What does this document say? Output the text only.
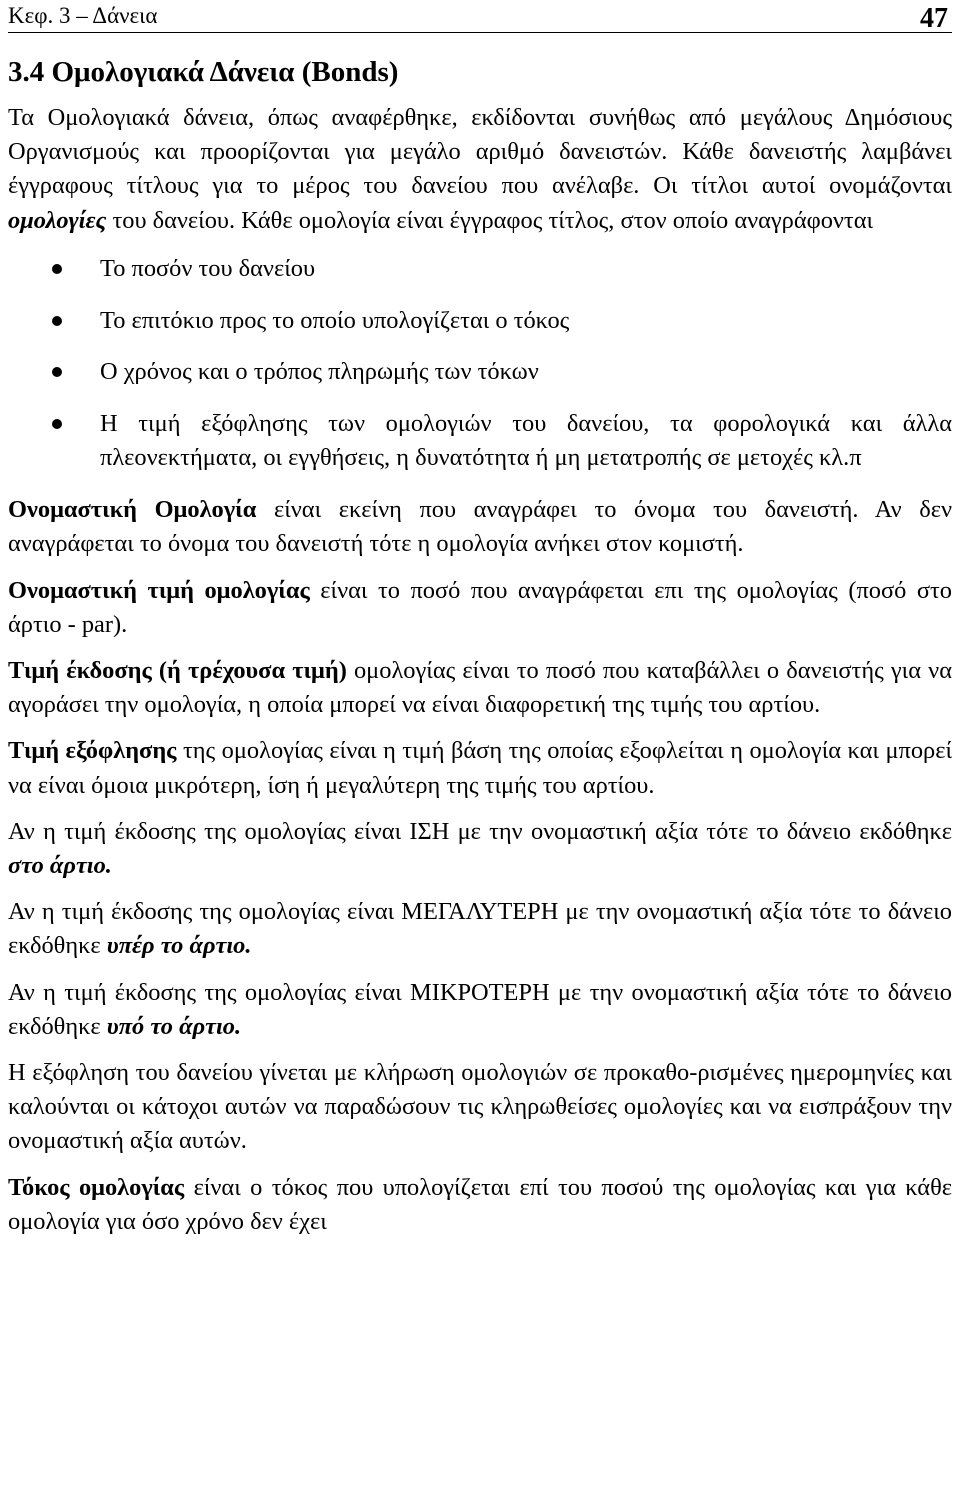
Κεφ. 3 – Δάνεια	47
3.4 Ομολογιακά Δάνεια (Bonds)

Τα Ομολογιακά δάνεια, όπως αναφέρθηκε, εκδίδονται συνήθως από μεγάλους Δημόσιους Οργανισμούς και προορίζονται για μεγάλο αριθμό δανειστών. Κάθε δανειστής λαμβάνει έγγραφους τίτλους για το μέρος του δανείου που ανέλαβε. Οι τίτλοι αυτοί ονομάζονται ομολογίες του δανείου. Κάθε ομολογία είναι έγγραφος τίτλος, στον οποίο αναγράφονται

Το ποσόν του δανείου
Το επιτόκιο προς το οποίο υπολογίζεται ο τόκος
Ο χρόνος και ο τρόπος πληρωμής των τόκων
Η τιμή εξόφλησης των ομολογιών του δανείου, τα φορολογικά και άλλα πλεονεκτήματα, οι εγγθήσεις, η δυνατότητα ή μη μετατροπής σε μετοχές κλ.π

Ονομαστική Ομολογία είναι εκείνη που αναγράφει το όνομα του δανειστή. Αν δεν αναγράφεται το όνομα του δανειστή τότε η ομολογία ανήκει στον κομιστή.

Ονομαστική τιμή ομολογίας είναι το ποσό που αναγράφεται επι της ομολογίας (ποσό στο άρτιο - par).

Τιμή έκδοσης (ή τρέχουσα τιμή) ομολογίας είναι το ποσό που καταβάλλει ο δανειστής για να αγοράσει την ομολογία, η οποία μπορεί να είναι διαφορετική της τιμής του αρτίου.

Τιμή εξόφλησης της ομολογίας είναι η τιμή βάση της οποίας εξοφλείται η ομολογία και μπορεί να είναι όμοια μικρότερη, ίση ή μεγαλύτερη της τιμής του αρτίου.

Αν η τιμή έκδοσης της ομολογίας είναι ΙΣΗ με την ονομαστική αξία τότε το δάνειο εκδόθηκε στο άρτιο.

Αν η τιμή έκδοσης της ομολογίας είναι ΜΕΓΑΛΥΤΕΡΗ με την ονομαστική αξία τότε το δάνειο εκδόθηκε υπέρ το άρτιο.

Αν η τιμή έκδοσης της ομολογίας είναι ΜΙΚΡΟΤΕΡΗ με την ονομαστική αξία τότε το δάνειο εκδόθηκε υπό το άρτιο.

Η εξόφληση του δανείου γίνεται με κλήρωση ομολογιών σε προκαθο-ρισμένες ημερομηνίες και καλούνται οι κάτοχοι αυτών να παραδώσουν τις κληρωθείσες ομολογίες και να εισπράξουν την ονομαστική αξία αυτών.

Τόκος ομολογίας είναι ο τόκος που υπολογίζεται επί του ποσού της ομολογίας και για κάθε ομολογία για όσο χρόνο δεν έχει
